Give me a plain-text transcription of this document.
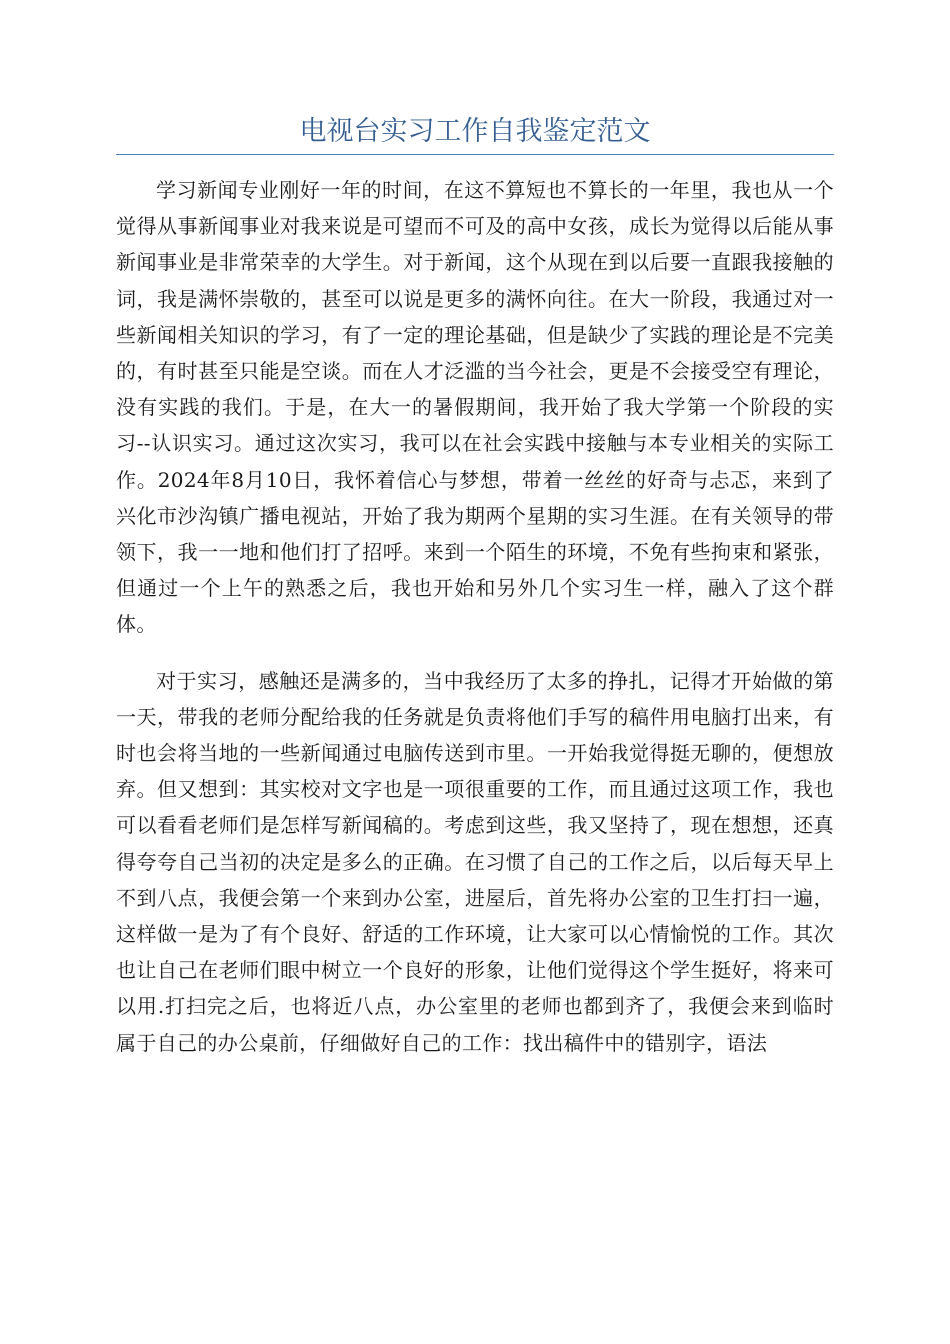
电视台实习工作自我鉴定范文

学习新闻专业刚好一年的时间，在这不算短也不算长的一年里，我也从一个觉得从事新闻事业对我来说是可望而不可及的高中女孩，成长为觉得以后能从事新闻事业是非常荣幸的大学生。对于新闻，这个从现在到以后要一直跟我接触的词，我是满怀崇敬的，甚至可以说是更多的满怀向往。在大一阶段，我通过对一些新闻相关知识的学习，有了一定的理论基础，但是缺少了实践的理论是不完美的，有时甚至只能是空谈。而在人才泛滥的当今社会，更是不会接受空有理论，没有实践的我们。于是，在大一的暑假期间，我开始了我大学第一个阶段的实习--认识实习。通过这次实习，我可以在社会实践中接触与本专业相关的实际工作。2024年8月10日，我怀着信心与梦想，带着一丝丝的好奇与忐忑，来到了兴化市沙沟镇广播电视站，开始了我为期两个星期的实习生涯。在有关领导的带领下，我一一地和他们打了招呼。来到一个陌生的环境，不免有些拘束和紧张，但通过一个上午的熟悉之后，我也开始和另外几个实习生一样，融入了这个群体。

对于实习，感触还是满多的，当中我经历了太多的挣扎，记得才开始做的第一天，带我的老师分配给我的任务就是负责将他们手写的稿件用电脑打出来，有时也会将当地的一些新闻通过电脑传送到市里。一开始我觉得挺无聊的，便想放弃。但又想到：其实校对文字也是一项很重要的工作，而且通过这项工作，我也可以看看老师们是怎样写新闻稿的。考虑到这些，我又坚持了，现在想想，还真得夸夸自己当初的决定是多么的正确。在习惯了自己的工作之后，以后每天早上不到八点，我便会第一个来到办公室，进屋后，首先将办公室的卫生打扫一遍，这样做一是为了有个良好、舒适的工作环境，让大家可以心情愉悦的工作。其次也让自己在老师们眼中树立一个良好的形象，让他们觉得这个学生挺好，将来可以用.打扫完之后，也将近八点，办公室里的老师也都到齐了，我便会来到临时属于自己的办公桌前，仔细做好自己的工作：找出稿件中的错别字，语法
